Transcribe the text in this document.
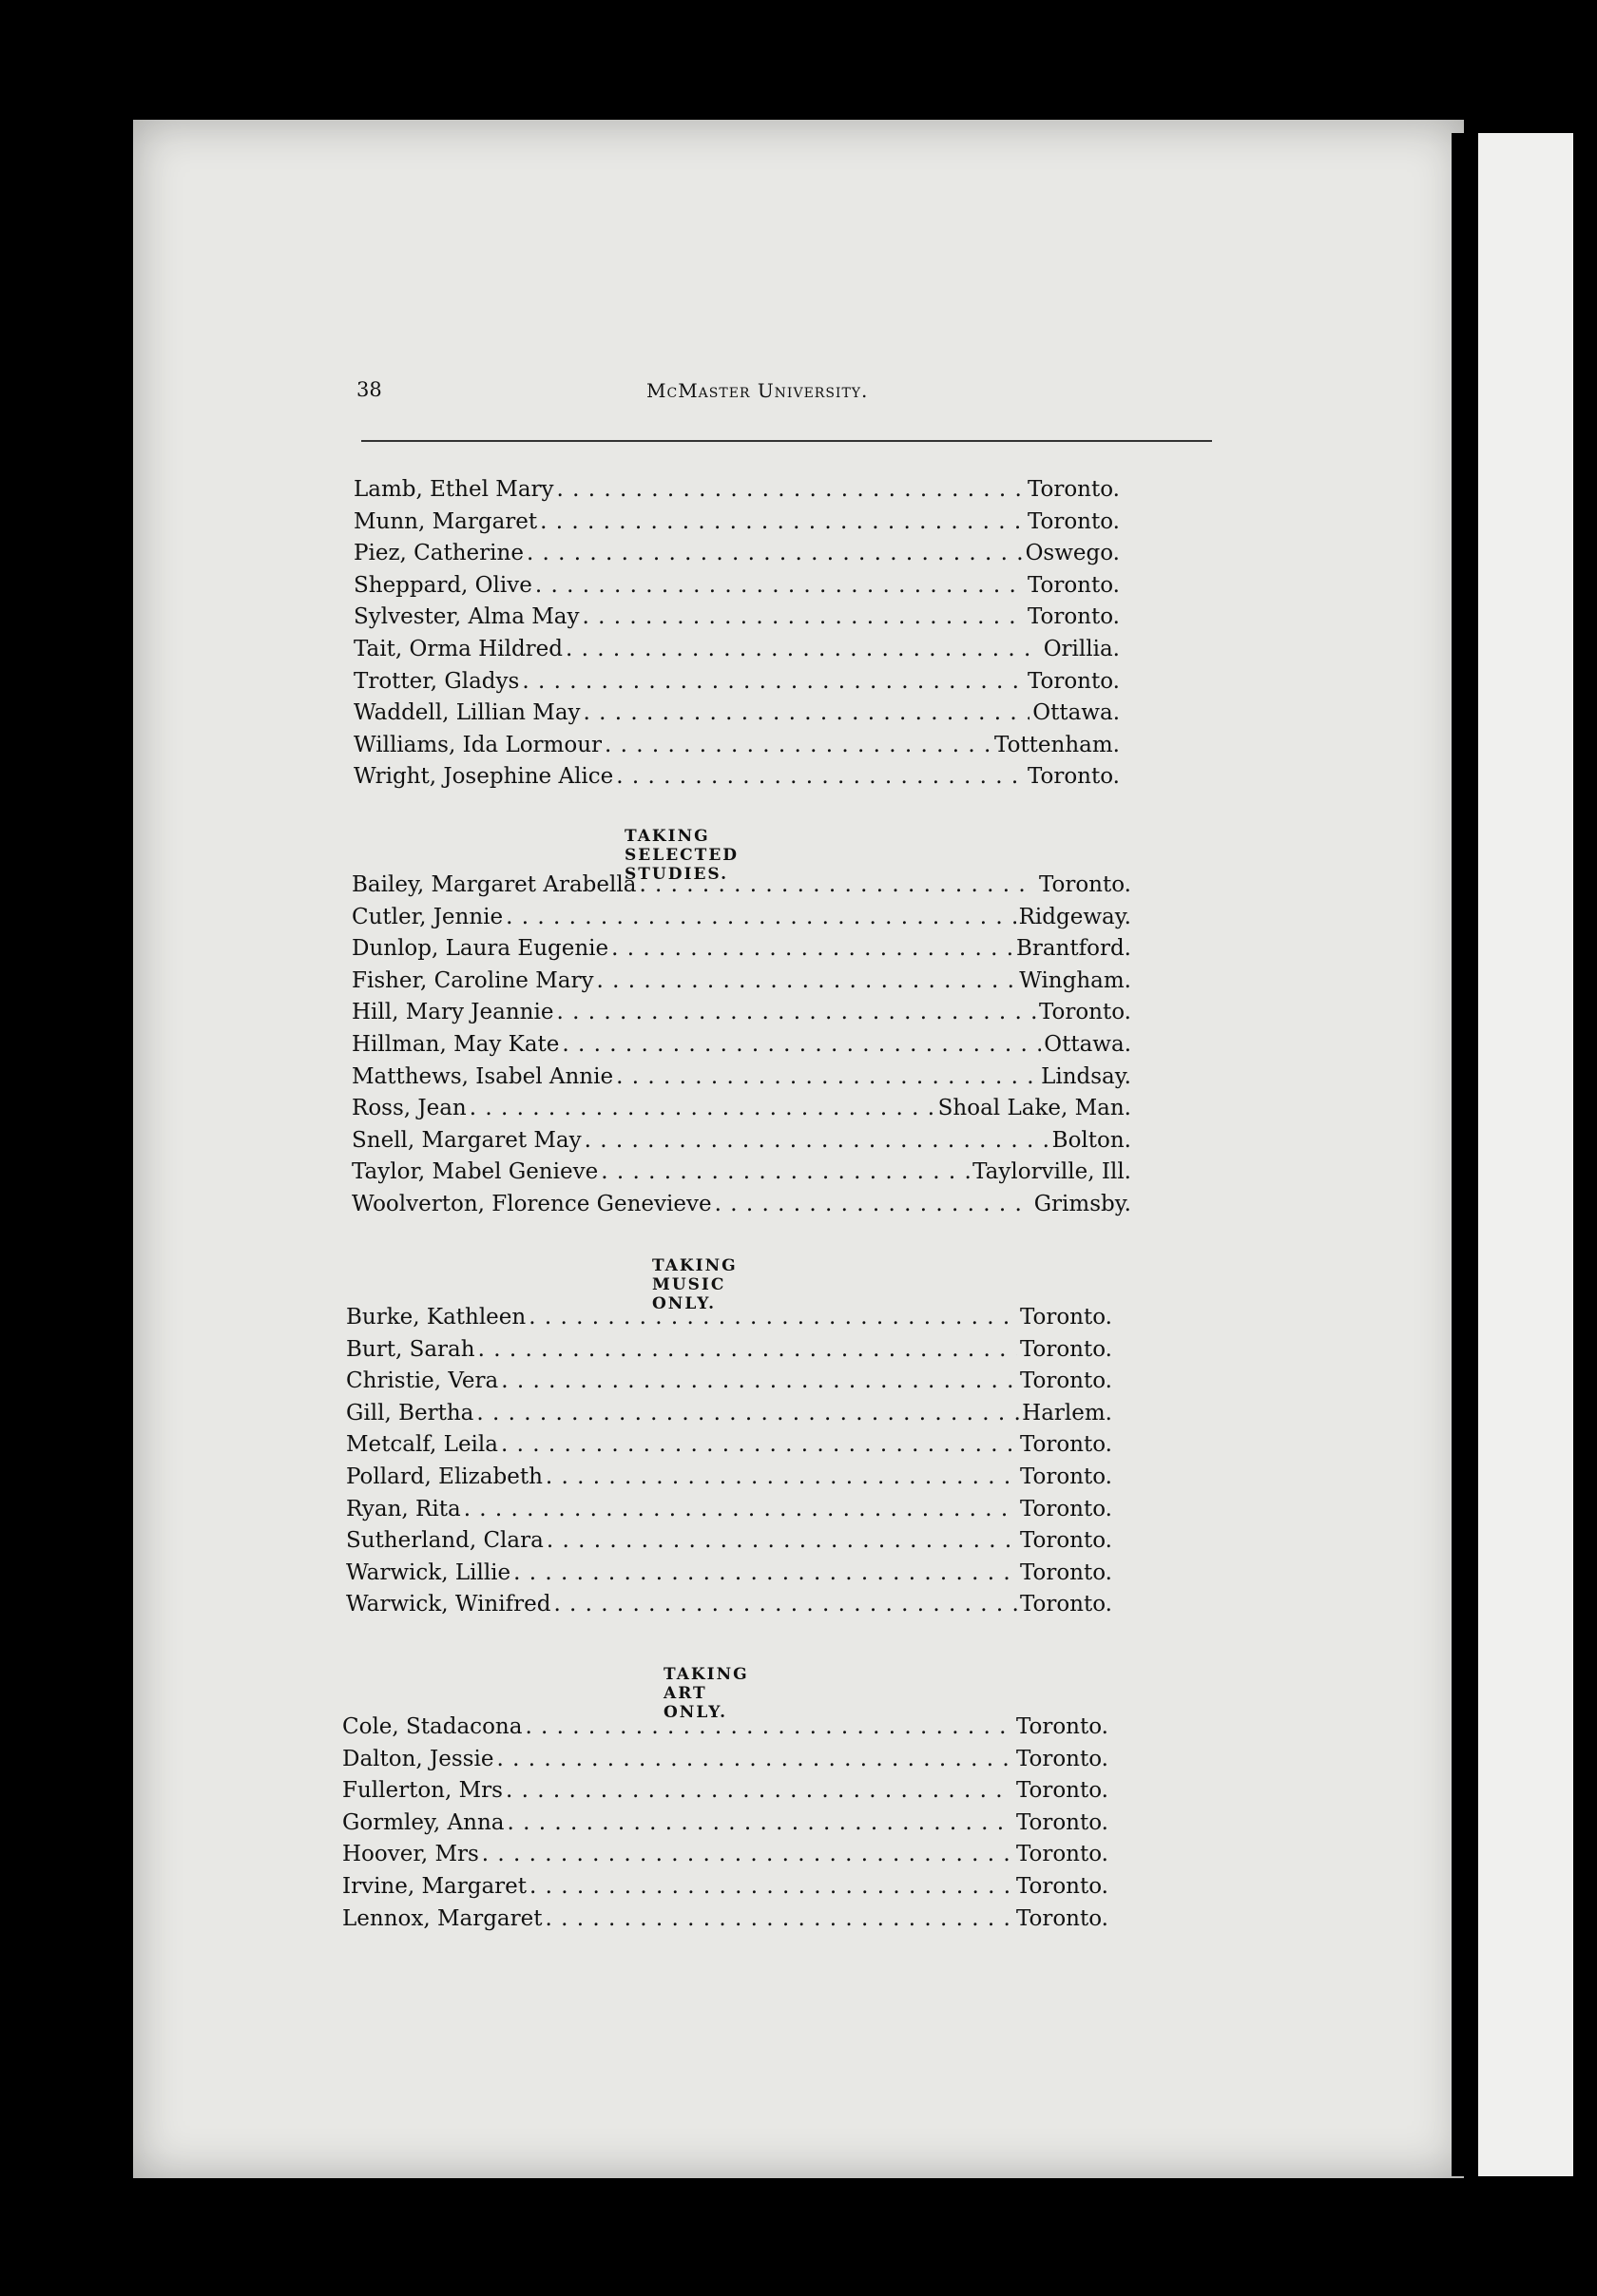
38	McMaster University.
Lamb, Ethel Mary . . .	Toronto.
Munn, Margaret . . .	Toronto.
Piez, Catherine . . .	Oswego.
Sheppard, Olive . . .	Toronto.
Sylvester, Alma May . . .	Toronto.
Tait, Orma Hildred . . .	Orillia.
Trotter, Gladys . . .	Toronto.
Waddell, Lillian May . . .	Ottawa.
Williams, Ida Lormour . . .	Tottenham.
Wright, Josephine Alice . . .	Toronto.
TAKING SELECTED STUDIES.
Bailey, Margaret Arabella . . .	Toronto.
Cutler, Jennie . . .	Ridgeway.
Dunlop, Laura Eugenie . . .	Brantford.
Fisher, Caroline Mary . . .	Wingham.
Hill, Mary Jeannie . . .	Toronto.
Hillman, May Kate . . .	Ottawa.
Matthews, Isabel Annie . . .	Lindsay.
Ross, Jean . . .	Shoal Lake, Man.
Snell, Margaret May . . .	Bolton.
Taylor, Mabel Genieve . . .	Taylorville, Ill.
Woolverton, Florence Genevieve . . .	Grimsby.
TAKING MUSIC ONLY.
Burke, Kathleen . . .	Toronto.
Burt, Sarah . . .	Toronto.
Christie, Vera . . .	Toronto.
Gill, Bertha . . .	Harlem.
Metcalf, Leila . . .	Toronto.
Pollard, Elizabeth . . .	Toronto.
Ryan, Rita . . .	Toronto.
Sutherland, Clara . . .	Toronto.
Warwick, Lillie . . .	Toronto.
Warwick, Winifred . . .	Toronto.
TAKING ART ONLY.
Cole, Stadacona . . .	Toronto.
Dalton, Jessie . . .	Toronto.
Fullerton, Mrs . . .	Toronto.
Gormley, Anna . . .	Toronto.
Hoover, Mrs . . .	Toronto.
Irvine, Margaret . . .	Toronto.
Lennox, Margaret . . .	Toronto.
